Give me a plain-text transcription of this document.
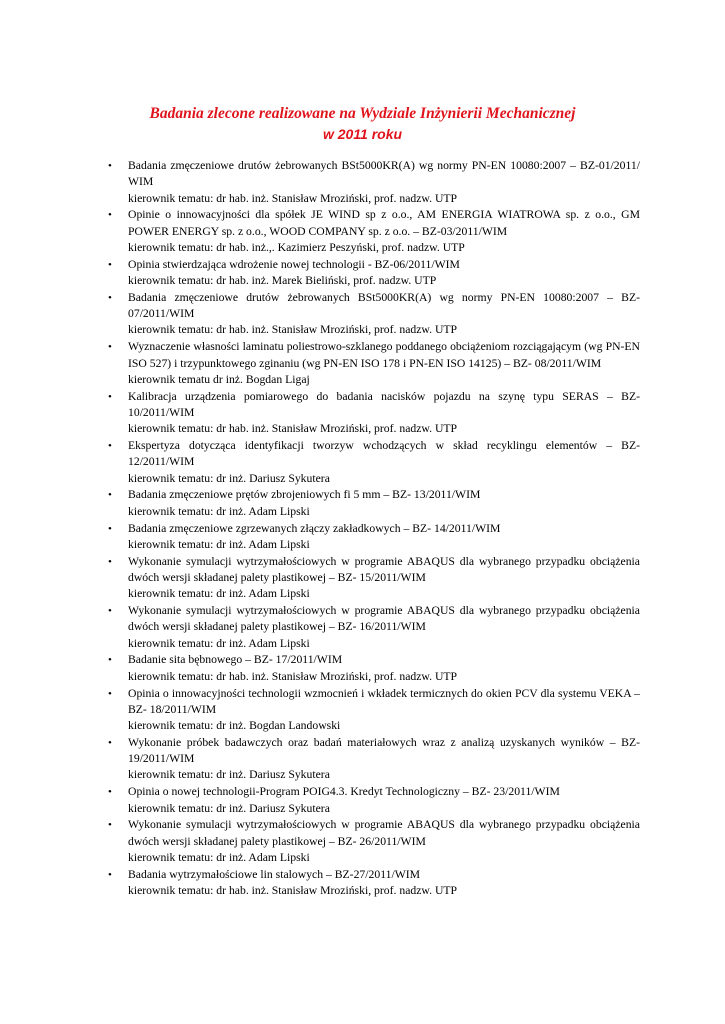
Badania zlecone realizowane na Wydziale Inżynierii Mechanicznej
w 2011 roku
• Badania zmęczeniowe drutów żebrowanych BSt5000KR(A) wg normy PN-EN 10080:2007 – BZ-01/2011/ WIM
kierownik tematu: dr hab. inż. Stanisław Mroziński, prof. nadzw. UTP
• Opinie o innowacyjności dla spółek JE WIND sp z o.o., AM ENERGIA WIATROWA sp. z o.o., GM POWER ENERGY sp. z o.o., WOOD COMPANY sp. z o.o. – BZ-03/2011/WIM
kierownik tematu: dr hab. inż.,. Kazimierz Peszyński, prof. nadzw. UTP
• Opinia stwierdzająca wdrożenie nowej technologii - BZ-06/2011/WIM
kierownik tematu: dr hab. inż. Marek Bieliński, prof. nadzw. UTP
• Badania zmęczeniowe drutów żebrowanych BSt5000KR(A) wg normy PN-EN 10080:2007 – BZ- 07/2011/WIM
kierownik tematu: dr hab. inż. Stanisław Mroziński, prof. nadzw. UTP
• Wyznaczenie własności laminatu poliestrowo-szklanego poddanego obciążeniom rozciągającym (wg PN-EN ISO 527) i trzypunktowego zginaniu (wg PN-EN ISO 178 i PN-EN ISO 14125) – BZ- 08/2011/WIM
kierownik tematu dr inż. Bogdan Ligaj
• Kalibracja urządzenia pomiarowego do badania nacisków pojazdu na szynę typu SERAS – BZ- 10/2011/WIM
kierownik tematu: dr hab. inż. Stanisław Mroziński, prof. nadzw. UTP
• Ekspertyza dotycząca identyfikacji tworzyw wchodzących w skład recyklingu elementów – BZ- 12/2011/WIM
kierownik tematu: dr inż. Dariusz Sykutera
• Badania zmęczeniowe prętów zbrojeniowych fi 5 mm – BZ- 13/2011/WIM
kierownik tematu: dr inż. Adam Lipski
• Badania zmęczeniowe zgrzewanych złączy zakładkowych – BZ- 14/2011/WIM
kierownik tematu: dr inż. Adam Lipski
• Wykonanie symulacji wytrzymałościowych w programie ABAQUS dla wybranego przypadku obciążenia dwóch wersji składanej palety plastikowej – BZ- 15/2011/WIM
kierownik tematu: dr inż. Adam Lipski
• Wykonanie symulacji wytrzymałościowych w programie ABAQUS dla wybranego przypadku obciążenia dwóch wersji składanej palety plastikowej – BZ- 16/2011/WIM
kierownik tematu: dr inż. Adam Lipski
• Badanie sita bębnowego – BZ- 17/2011/WIM
kierownik tematu: dr hab. inż. Stanisław Mroziński, prof. nadzw. UTP
• Opinia o innowacyjności technologii wzmocnień i wkładek termicznych do okien PCV dla systemu VEKA – BZ- 18/2011/WIM
kierownik tematu: dr inż. Bogdan Landowski
• Wykonanie próbek badawczych oraz badań materiałowych wraz z analizą uzyskanych wyników – BZ- 19/2011/WIM
kierownik tematu: dr inż. Dariusz Sykutera
• Opinia o nowej technologii-Program POIG4.3. Kredyt Technologiczny – BZ- 23/2011/WIM
kierownik tematu: dr inż. Dariusz Sykutera
• Wykonanie symulacji wytrzymałościowych w programie ABAQUS dla wybranego przypadku obciążenia dwóch wersji składanej palety plastikowej – BZ- 26/2011/WIM
kierownik tematu: dr inż. Adam Lipski
• Badania wytrzymałościowe lin stalowych – BZ-27/2011/WIM
kierownik tematu: dr hab. inż. Stanisław Mroziński, prof. nadzw. UTP
